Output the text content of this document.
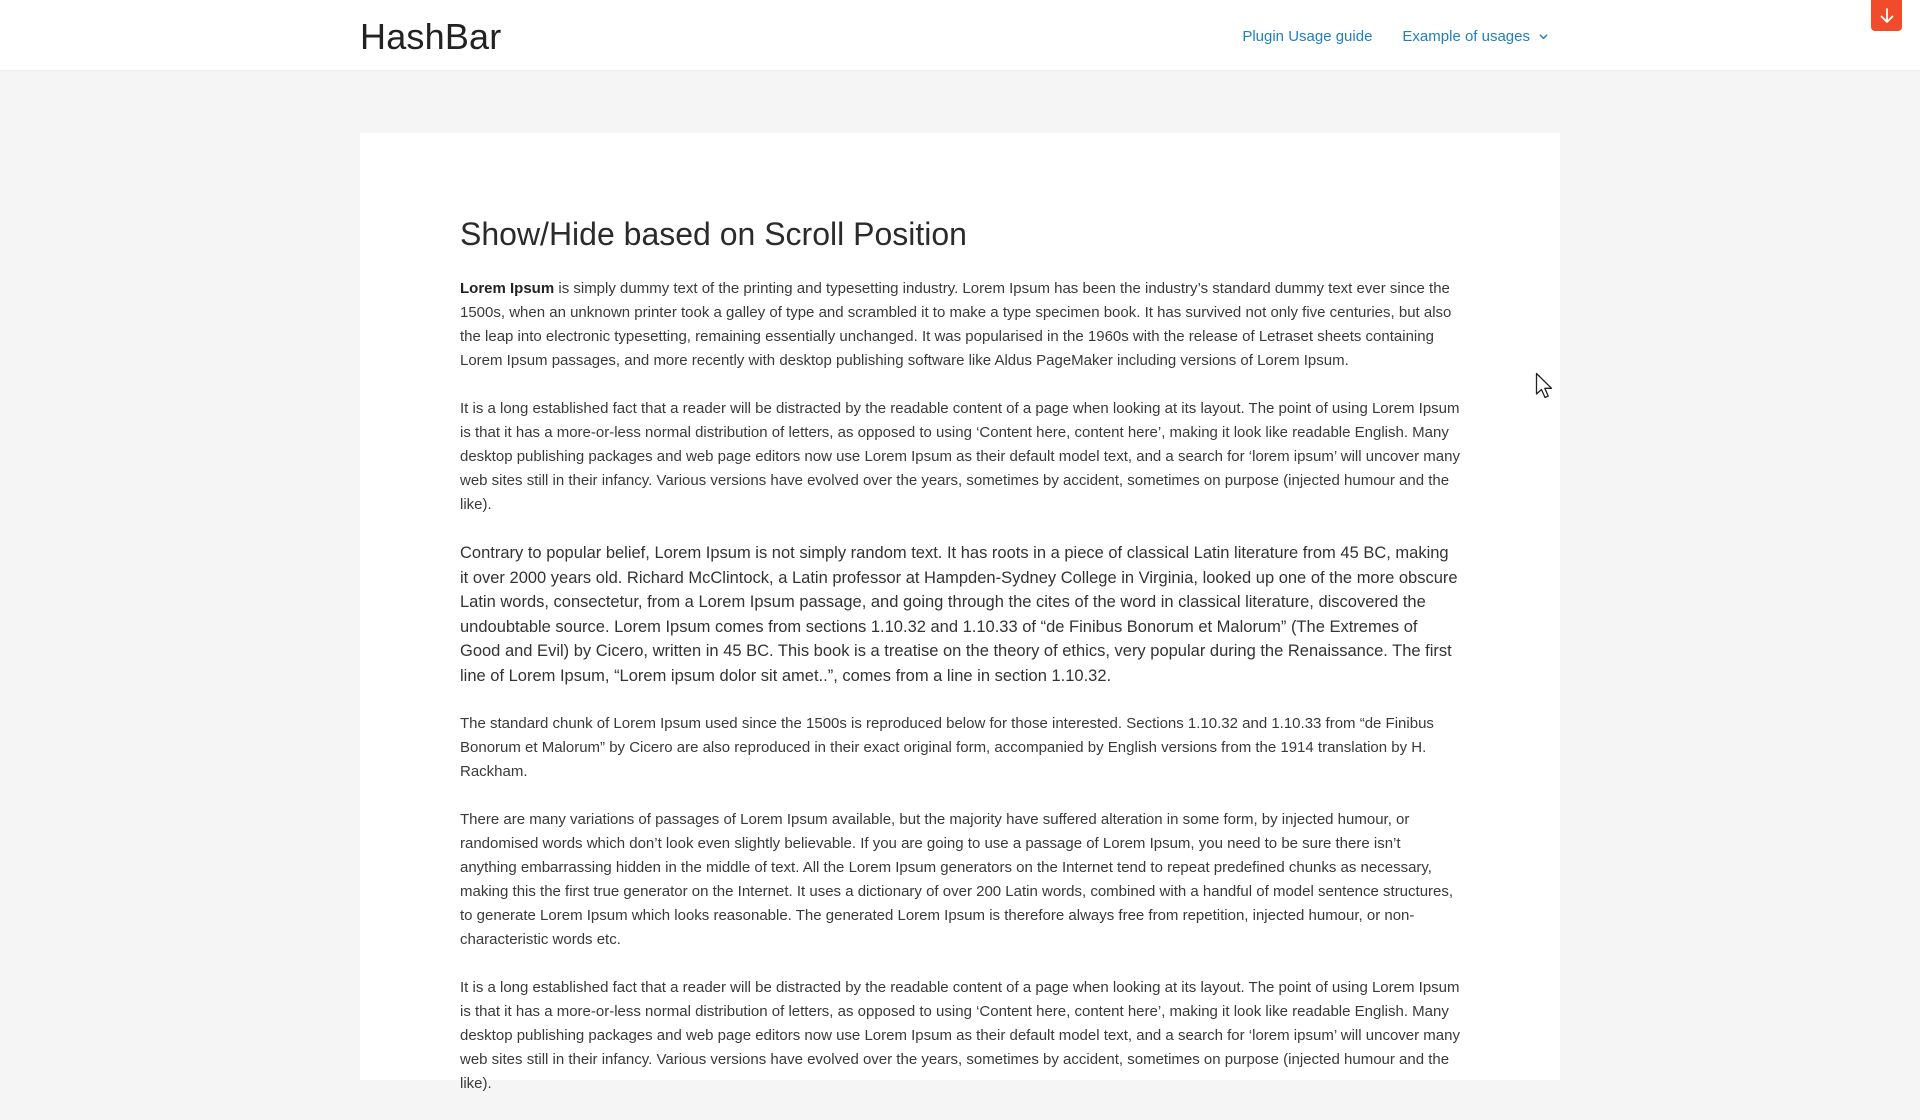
HashBar	Plugin Usage guide Example of usages
Show/Hide based on Scroll Position

Lorem Ipsum is simply dummy text of the printing and typesetting industry. Lorem Ipsum has been the industry’s standard dummy text ever since the 1500s, when an unknown printer took a galley of type and scrambled it to make a type specimen book. It has survived not only five centuries, but also the leap into electronic typesetting, remaining essentially unchanged. It was popularised in the 1960s with the release of Letraset sheets containing Lorem Ipsum passages, and more recently with desktop publishing software like Aldus PageMaker including versions of Lorem Ipsum.

It is a long established fact that a reader will be distracted by the readable content of a page when looking at its layout. The point of using Lorem Ipsum is that it has a more-or-less normal distribution of letters, as opposed to using ‘Content here, content here’, making it look like readable English. Many desktop publishing packages and web page editors now use Lorem Ipsum as their default model text, and a search for ‘lorem ipsum’ will uncover many web sites still in their infancy. Various versions have evolved over the years, sometimes by accident, sometimes on purpose (injected humour and the like).

Contrary to popular belief, Lorem Ipsum is not simply random text. It has roots in a piece of classical Latin literature from 45 BC, making it over 2000 years old. Richard McClintock, a Latin professor at Hampden-Sydney College in Virginia, looked up one of the more obscure Latin words, consectetur, from a Lorem Ipsum passage, and going through the cites of the word in classical literature, discovered the undoubtable source. Lorem Ipsum comes from sections 1.10.32 and 1.10.33 of “de Finibus Bonorum et Malorum” (The Extremes of Good and Evil) by Cicero, written in 45 BC. This book is a treatise on the theory of ethics, very popular during the Renaissance. The first line of Lorem Ipsum, “Lorem ipsum dolor sit amet..”, comes from a line in section 1.10.32.

The standard chunk of Lorem Ipsum used since the 1500s is reproduced below for those interested. Sections 1.10.32 and 1.10.33 from “de Finibus Bonorum et Malorum” by Cicero are also reproduced in their exact original form, accompanied by English versions from the 1914 translation by H. Rackham.

There are many variations of passages of Lorem Ipsum available, but the majority have suffered alteration in some form, by injected humour, or randomised words which don’t look even slightly believable. If you are going to use a passage of Lorem Ipsum, you need to be sure there isn’t anything embarrassing hidden in the middle of text. All the Lorem Ipsum generators on the Internet tend to repeat predefined chunks as necessary, making this the first true generator on the Internet. It uses a dictionary of over 200 Latin words, combined with a handful of model sentence structures, to generate Lorem Ipsum which looks reasonable. The generated Lorem Ipsum is therefore always free from repetition, injected humour, or non-characteristic words etc.

It is a long established fact that a reader will be distracted by the readable content of a page when looking at its layout. The point of using Lorem Ipsum is that it has a more-or-less normal distribution of letters, as opposed to using ‘Content here, content here’, making it look like readable English. Many desktop publishing packages and web page editors now use Lorem Ipsum as their default model text, and a search for ‘lorem ipsum’ will uncover many web sites still in their infancy. Various versions have evolved over the years, sometimes by accident, sometimes on purpose (injected humour and the like).
